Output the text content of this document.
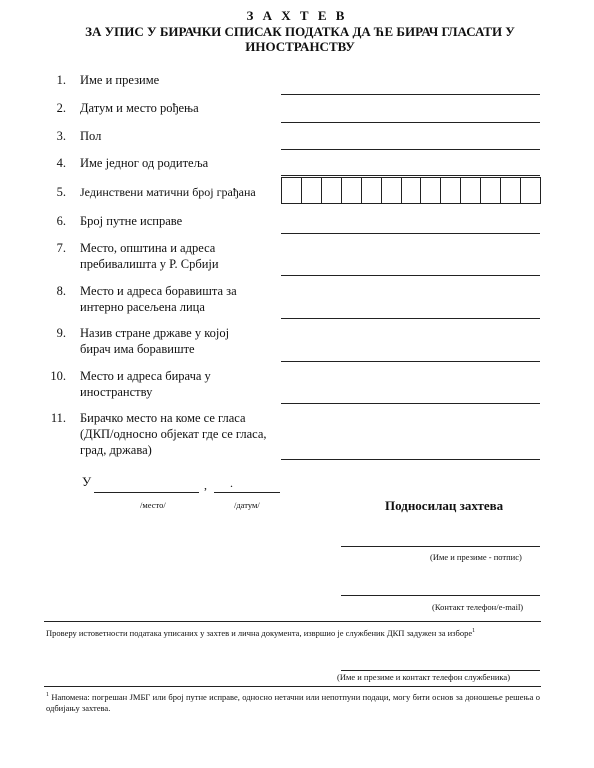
З А Х Т Е В
ЗА УПИС У БИРАЧКИ СПИСАК ПОДАТКА ДА ЋЕ БИРАЧ ГЛАСАТИ У ИНОСТРАНСТВУ
1. Име и презиме
2. Датум и место рођења
3. Пол
4. Име једног од родитеља
5. Јединствени матични број грађана
6. Број путне исправе
7. Место, општина и адреса пребивалишта у Р. Србији
8. Место и адреса боравишта за интерно расељена лица
9. Назив стране државе у којој бирач има боравиште
10. Место и адреса бирача у иностранству
11. Бирачко место на коме се гласа (ДКП/односно објекат где се гласа, град, држава)
У	, .
/место/	/датум/	Подносилац захтева
(Име и презиме - потпис)
(Контакт телефон/е-mail)
Проверу истоветности података уписаних у захтев и лична документа, извршио је службеник ДКП задужен за изборе$^1$
(Име и презиме и контакт телефон службеника)
$^1$ Напомена: погрешан ЈМБГ или број путне исправе, односно нетачни или непотпуни подаци, могу бити основ за доношење решења о одбијању захтева.
